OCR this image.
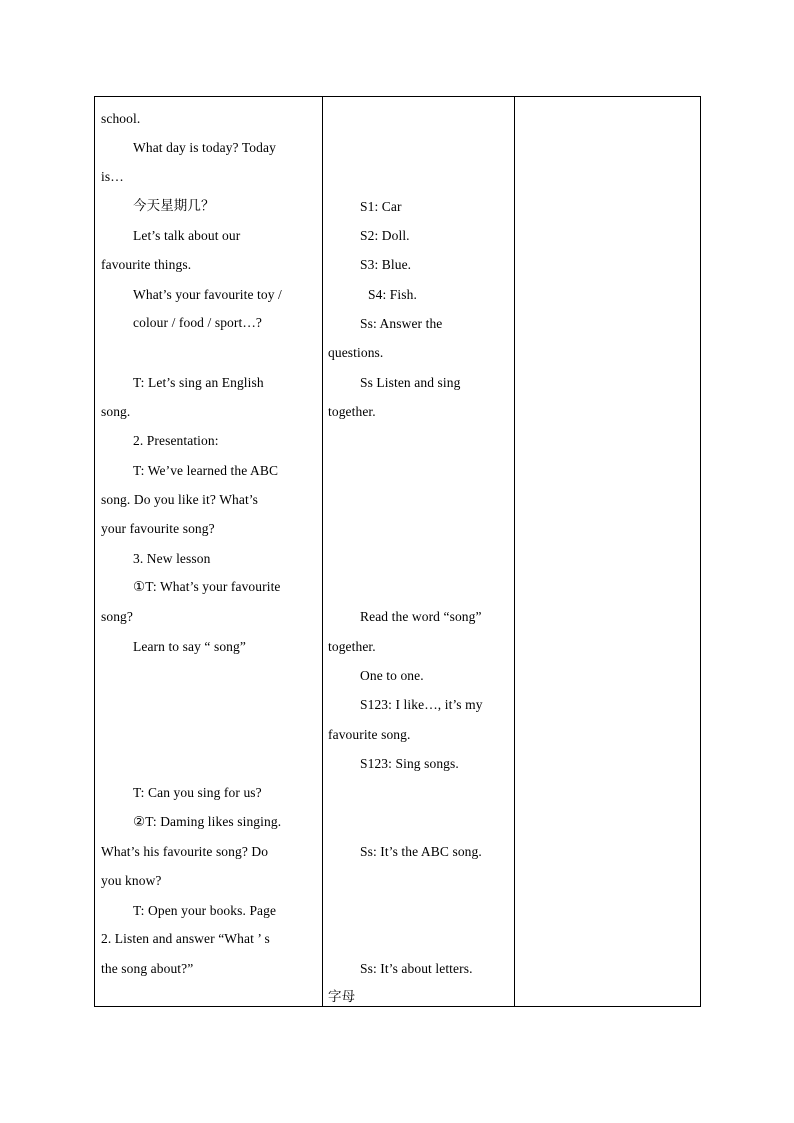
school.
What day is today? Today
is…
今天星期几？
Let’s talk about our
favourite things.
What’s your favourite toy /
colour / food / sport…?
T: Let’s sing an English
song.
2. Presentation:
T: We’ve learned the ABC
song. Do you like it? What’s
your favourite song?
3. New lesson
①T: What’s your favourite
song?
Learn to say “ song”
T: Can you sing for us?
②T: Daming likes singing.
What’s his favourite song? Do
you know?
T: Open your books. Page
2. Listen and answer “What ’ s
the song about?”
S1: Car
S2: Doll.
S3: Blue.
S4: Fish.
Ss: Answer the
questions.
Ss Listen and sing
together.
Read the word “song”
together.
One to one.
S123: I like…, it’s my
favourite song.
S123: Sing songs.
Ss: It’s the ABC song.
Ss: It’s about letters.
字母
